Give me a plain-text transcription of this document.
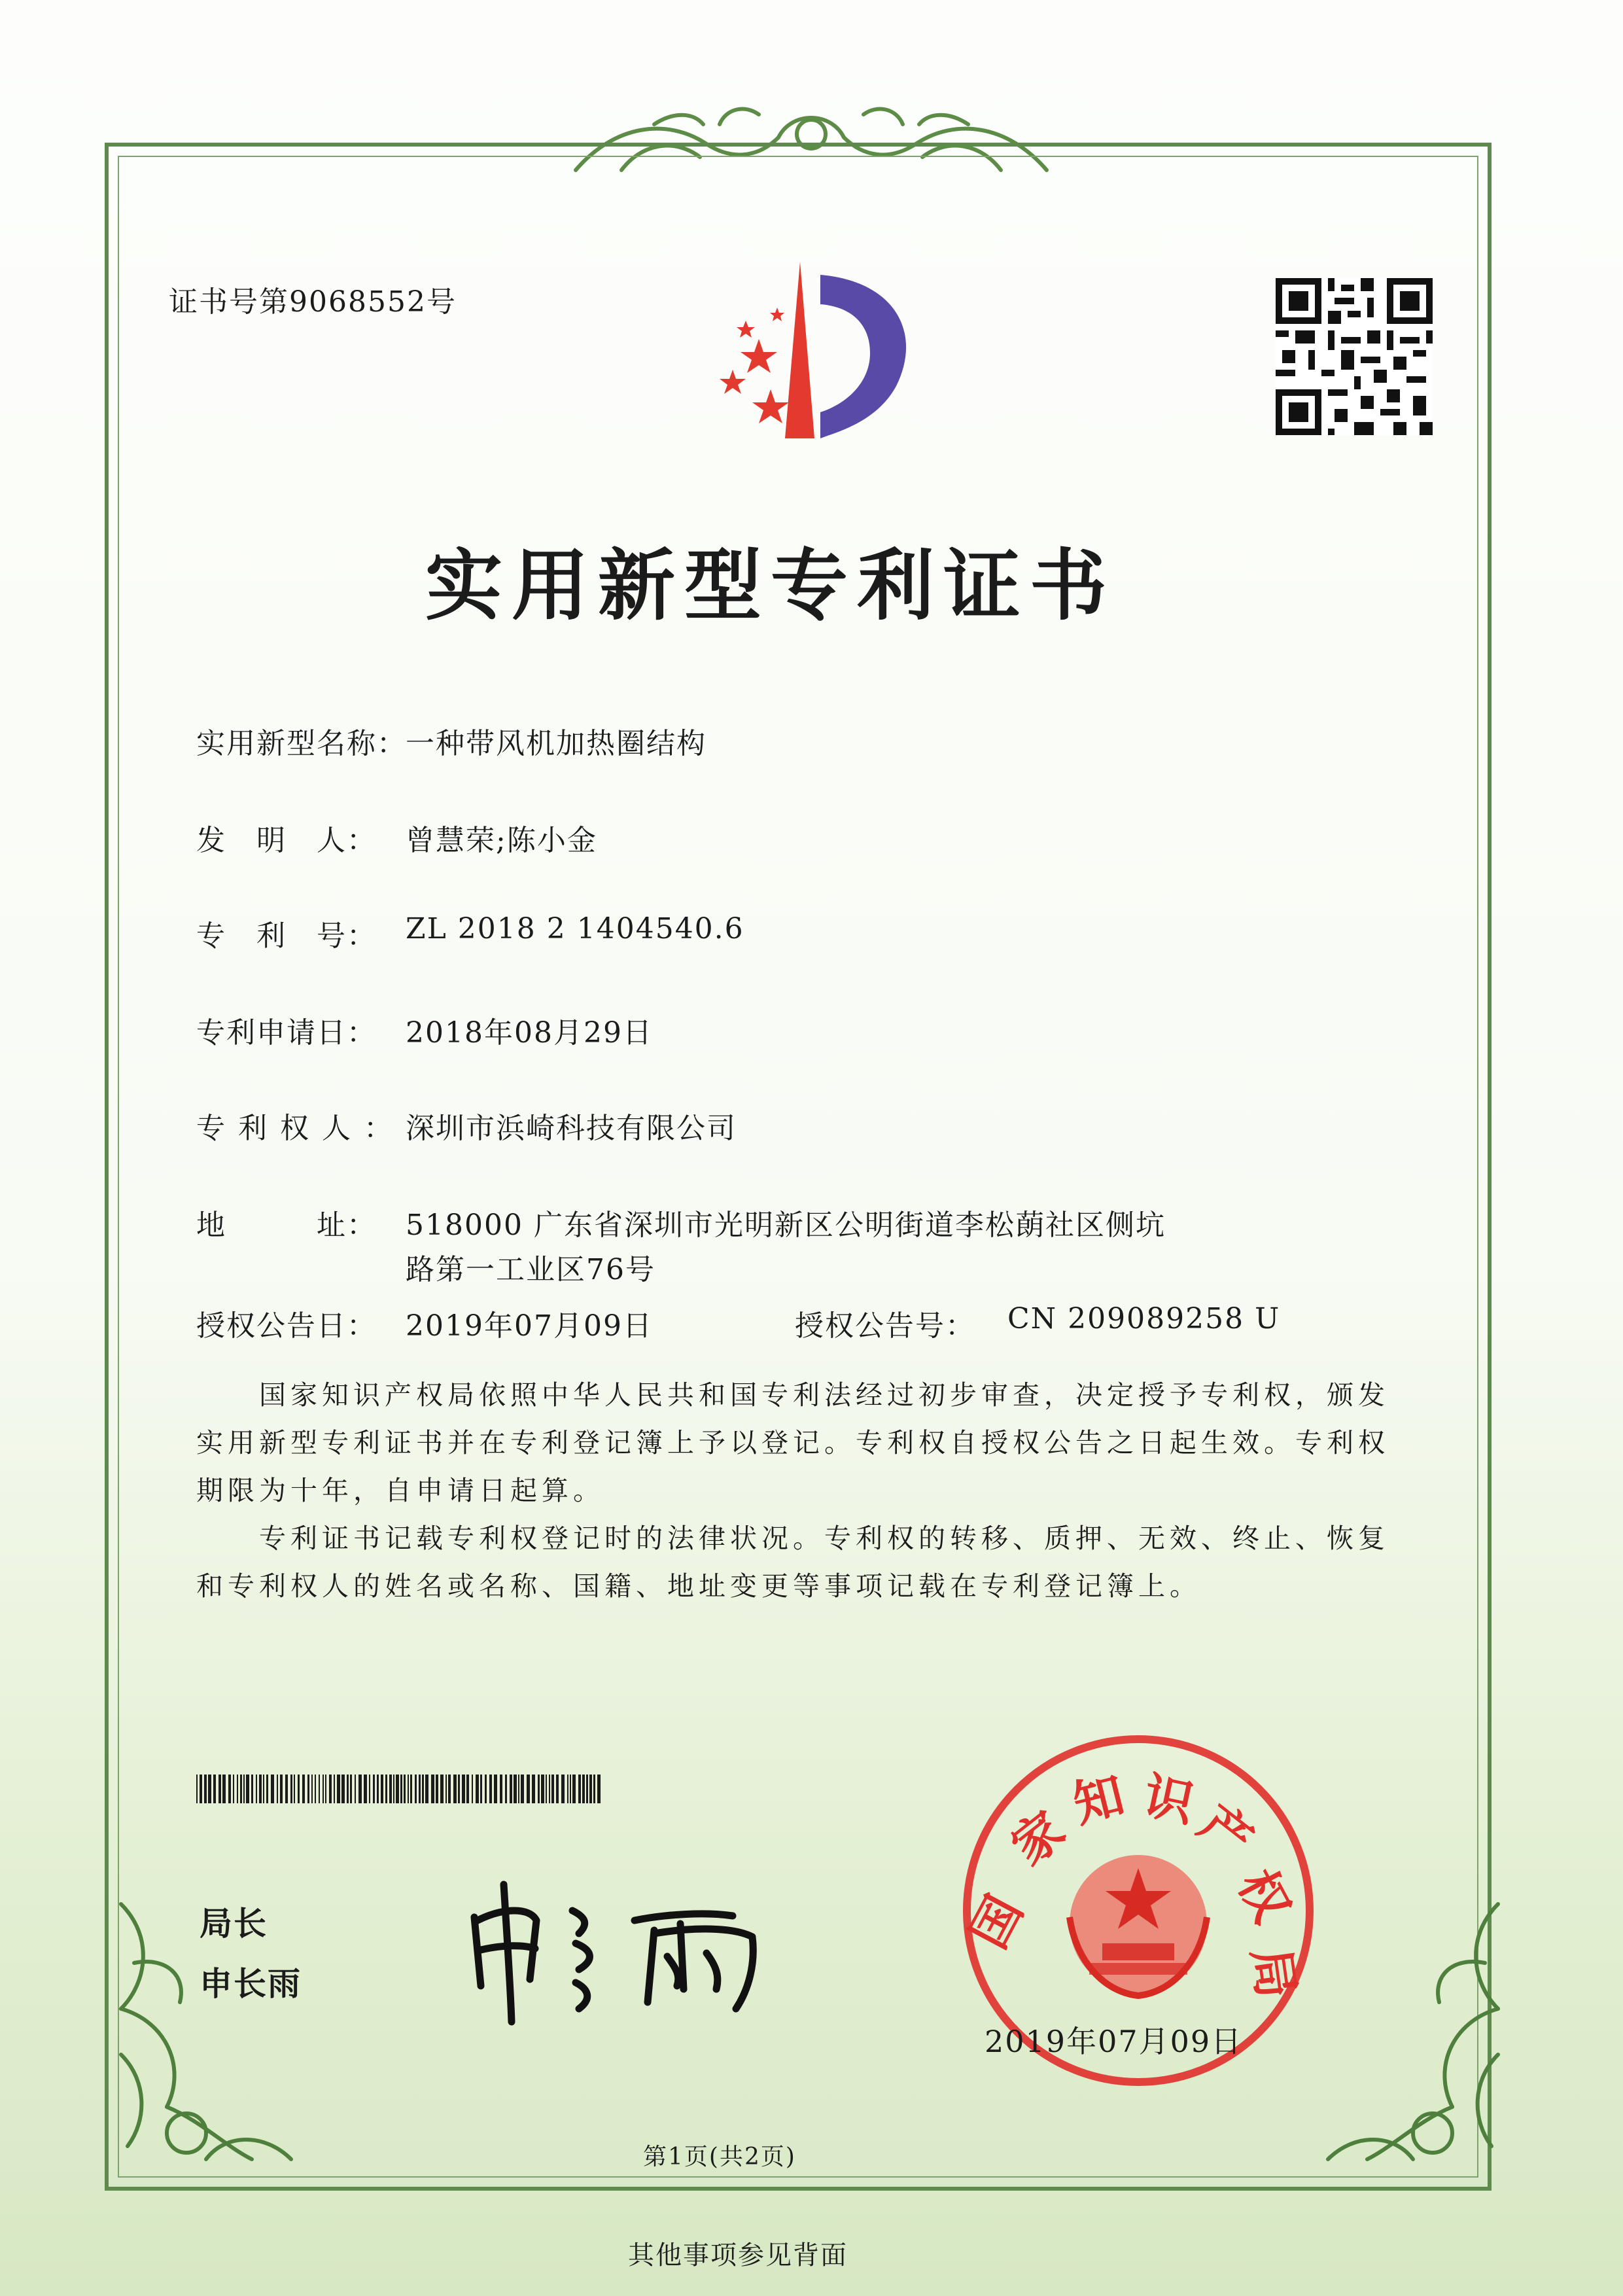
证书号第9068552号
实用新型专利证书
实用新型名称：
一种带风机加热圈结构
发　明　人： 曾慧荣;陈小金
专　利　号： ZL 2018 2 1404540.6
专利申请日： 2018年08月29日
专利权人： 深圳市浜崎科技有限公司
地　　　址： 518000 广东省深圳市光明新区公明街道李松蓢社区侧坑
路第一工业区76号
授权公告日： 2019年07月09日	授权公告号： CN 209089258 U
国家知识产权局依照中华人民共和国专利法经过初步审查，决定授予专利权，颁发实用新型专利证书并在专利登记簿上予以登记。专利权自授权公告之日起生效。专利权期限为十年，自申请日起算。
专利证书记载专利权登记时的法律状况。专利权的转移、质押、无效、终止、恢复和专利权人的姓名或名称、国籍、地址变更等事项记载在专利登记簿上。
局长
申长雨
国
家
知 识
产
权
局
2019年07月09日
第1页(共2页)
其他事项参见背面
